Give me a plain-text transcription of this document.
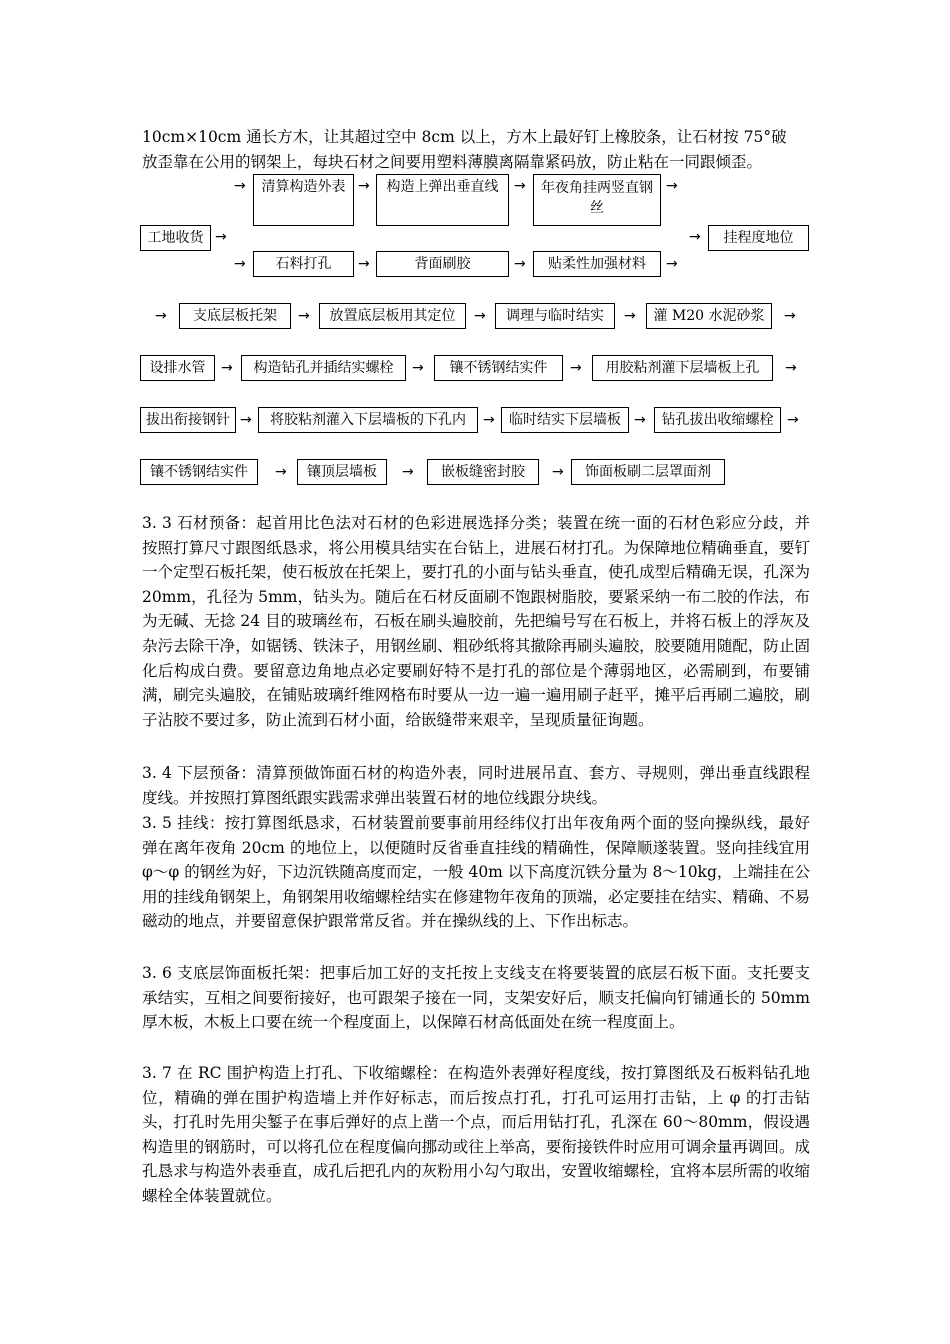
10cm×10cm 通长方木，让其超过空中 8cm 以上，方木上最好钉上橡胶条，让石材按 75°破

放歪靠在公用的钢架上，每块石材之间要用塑料薄膜离隔靠紧码放，防止粘在一同跟倾歪。

→	清算构造外表 →	构造上弹出垂直线	→	年夜角挂两竖直钢丝
→
工地收货 →	→	挂程度地位
→	石料打孔	→	背面刷胶	→	贴柔性加强材料	→
→	支底层板托架	→	放置底层板用其定位	→	调理与临时结实	→	灌 M20 水泥砂浆	→
设排水管	→	构造钻孔并插结实螺栓	→	镶不锈钢结实件	→	用胶粘剂灌下层墙板上孔	→
拔出衔接钢针 →	将胶粘剂灌入下层墙板的下孔内	→	临时结实下层墙板 →	钻孔拔出收缩螺栓 →
镶不锈钢结实件	→	镶顶层墙板	→	嵌板缝密封胶	→	饰面板刷二层罩面剂

3. 3 石材预备：起首用比色法对石材的色彩进展选择分类；装置在统一面的石材色彩应分歧，并按照打算尺寸跟图纸恳求，将公用模具结实在台钻上，进展石材打孔。为保障地位精确垂直，要钉一个定型石板托架，使石板放在托架上，要打孔的小面与钻头垂直，使孔成型后精确无误，孔深为 20mm，孔径为 5mm，钻头为。随后在石材反面刷不饱跟树脂胶，要紧采纳一布二胶的作法，布为无碱、无捻 24 目的玻璃丝布，石板在刷头遍胶前，先把编号写在石板上，并将石板上的浮灰及杂污去除干净，如锯锈、铁沫子，用钢丝刷、粗砂纸将其撤除再刷头遍胶，胶要随用随配，防止固化后构成白费。要留意边角地点必定要刷好特不是打孔的部位是个薄弱地区，必需刷到，布要铺满，刷完头遍胶，在铺贴玻璃纤维网格布时要从一边一遍一遍用刷子赶平，摊平后再刷二遍胶，刷子沾胶不要过多，防止流到石材小面，给嵌缝带来艰辛，呈现质量征询题。

3. 4 下层预备：清算预做饰面石材的构造外表，同时进展吊直、套方、寻规则，弹出垂直线跟程度线。并按照打算图纸跟实践需求弹出装置石材的地位线跟分块线。

3. 5 挂线：按打算图纸恳求，石材装置前要事前用经纬仪打出年夜角两个面的竖向操纵线，最好弹在离年夜角 20cm 的地位上，以便随时反省垂直挂线的精确性，保障顺遂装置。竖向挂线宜用 φ～φ 的钢丝为好，下边沉铁随高度而定，一般 40m 以下高度沉铁分量为 8～10kg，上端挂在公用的挂线角钢架上，角钢架用收缩螺栓结实在修建物年夜角的顶端，必定要挂在结实、精确、不易磁动的地点，并要留意保护跟常常反省。并在操纵线的上、下作出标志。

3. 6 支底层饰面板托架：把事后加工好的支托按上支线支在将要装置的底层石板下面。支托要支承结实，互相之间要衔接好，也可跟架子接在一同，支架安好后，顺支托偏向钉铺通长的 50mm 厚木板，木板上口要在统一个程度面上，以保障石材高低面处在统一程度面上。

3. 7 在 RC 围护构造上打孔、下收缩螺栓：在构造外表弹好程度线，按打算图纸及石板料钻孔地位，精确的弹在围护构造墙上并作好标志，而后按点打孔，打孔可运用打击钻，上 φ 的打击钻头，打孔时先用尖錾子在事后弹好的点上凿一个点，而后用钻打孔，孔深在 60～80mm，假设遇构造里的钢筋时，可以将孔位在程度偏向挪动或往上举高，要衔接铁件时应用可调余量再调回。成孔恳求与构造外表垂直，成孔后把孔内的灰粉用小勾勺取出，安置收缩螺栓，宜将本层所需的收缩螺栓全体装置就位。
